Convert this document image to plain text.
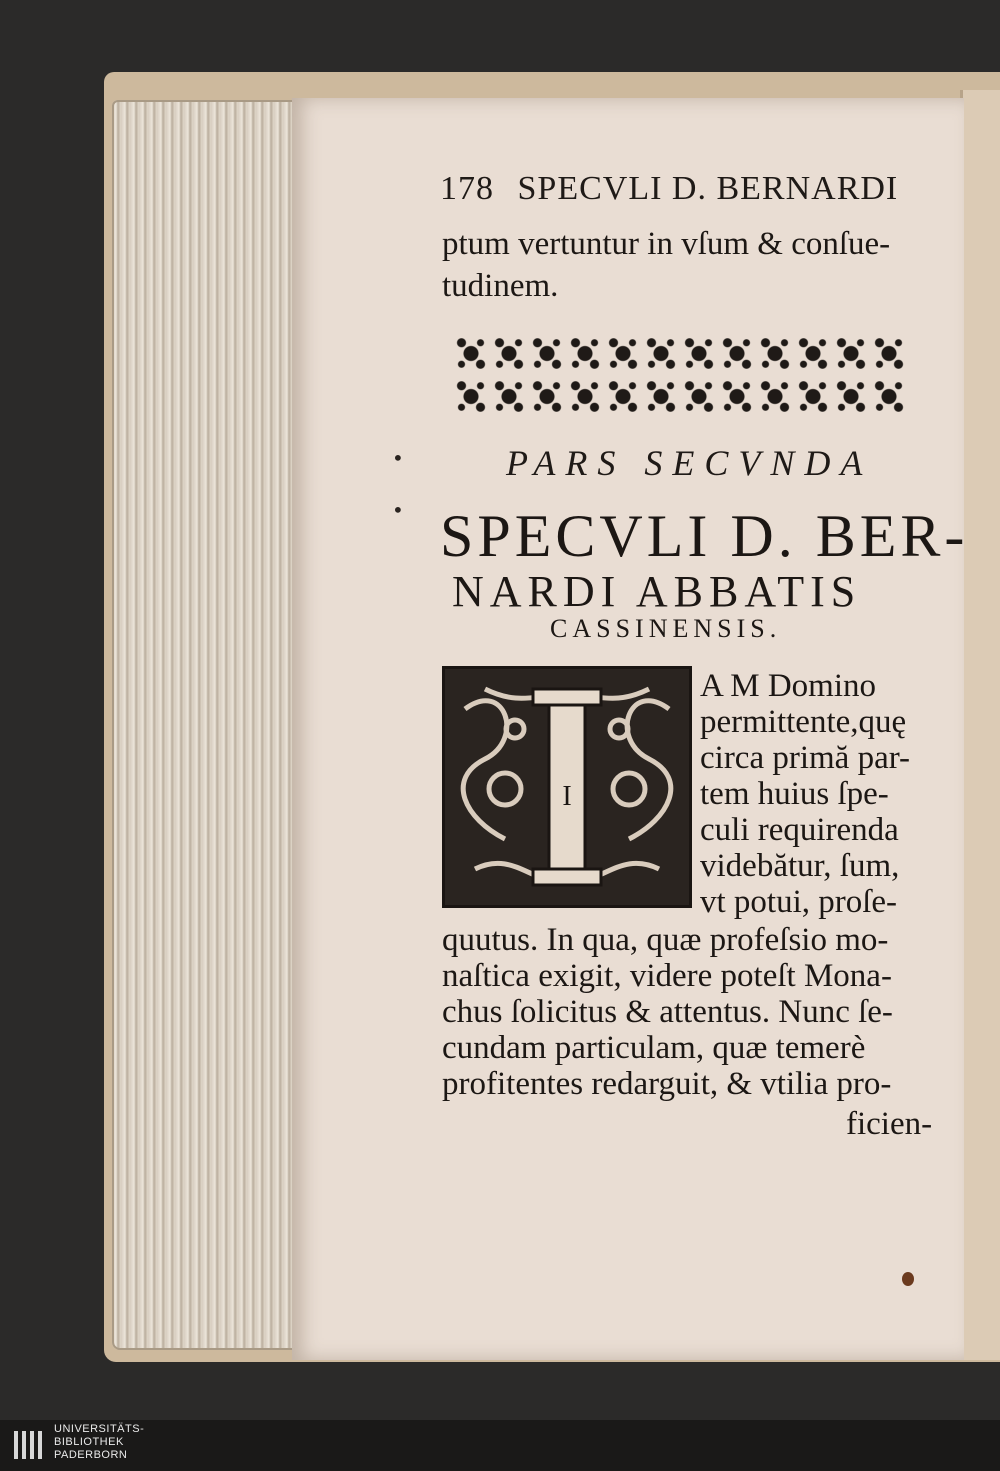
178 SPECVLI D. BERNARDI
ptum vertuntur in vſum & conſue-
tudinem.
•
•
PARS SECVNDA
SPECVLI D. BER-
NARDI ABBATIS
CASSINENSIS.
I
A M Domino
permittente,quę
circa primă par-
tem huius ſpe-
culi requirenda
videbătur, ſum,
vt potui, proſe-
quutus. In qua, quæ profeſsio mo-
naſtica exigit, videre poteſt Mona-
chus ſolicitus & attentus. Nunc ſe-
cundam particulam, quæ temerè
profitentes redarguit, & vtilia pro-
ficien-
UNIVERSITÄTS-
BIBLIOTHEK
PADERBORN
